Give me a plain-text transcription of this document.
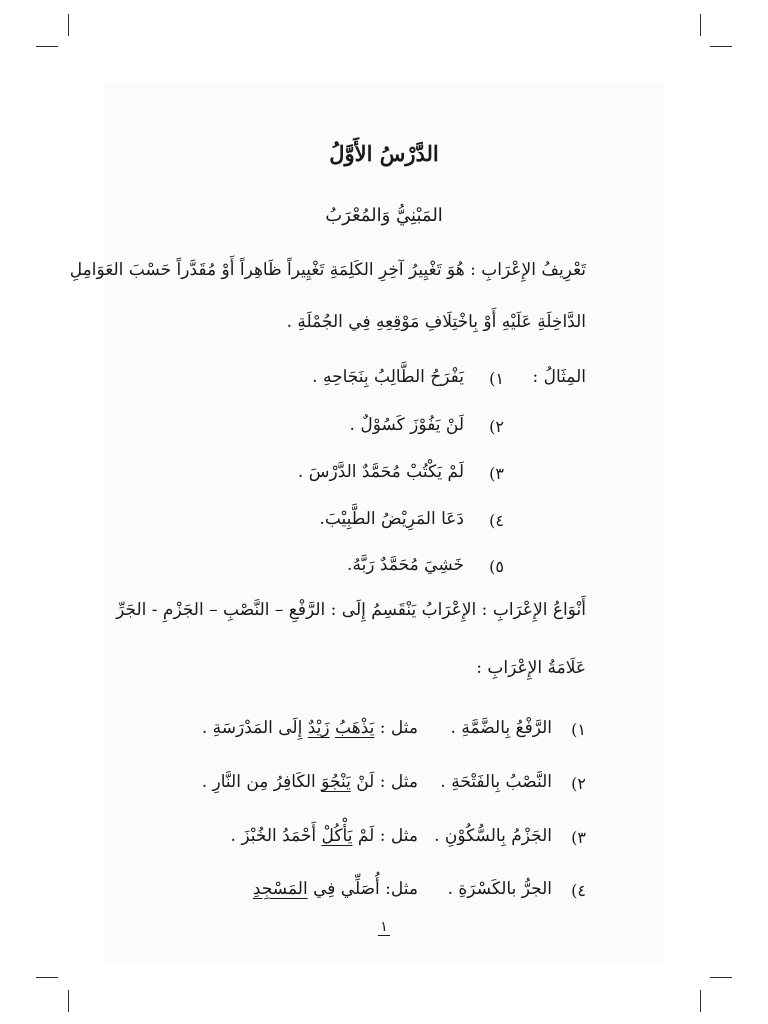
الدَّرْسُ الأَوَّلُ
المَبْنِيُّ وَالمُعْرَبُ
تَعْرِيفُ الإِعْرَابِ : هُوَ تَغْيِيرُ آخِرِ الكَلِمَةِ تَغْيِيراً ظَاهِراً أَوْ مُقَدَّراً حَسْبَ العَوَامِلِ
الدَّاخِلَةِ عَلَيْهِ أَوْ بِاخْتِلَافِ مَوْقِعِهِ فِي الجُمْلَةِ .
المِثَالُ :
١)
يَفْرَحُ الطَّالِبُ بِنَجَاحِهِ .
٢)
لَنْ يَفُوْزَ كَسُوْلٌ .
٣)
لَمْ يَكْتُبْ مُحَمَّدٌ الدَّرْسَ .
٤)
دَعَا المَرِيْضُ الطَّبِيْبَ.
٥)
خَشِيَ مُحَمَّدٌ رَبَّهُ.
أَنْوَاعُ الإِعْرَابِ : الإِعْرَابُ يَنْقَسِمُ إِلَى : الرَّفْعِ – النَّصْبِ – الجَزْمِ - الجَرِّ
عَلَامَةُ الإِعْرَابِ :
١)
الرَّفْعُ بِالضَّمَّةِ .
مثل : يَذْهَبُ زَيْدٌ إِلَى المَدْرَسَةِ .
٢)
النَّصْبُ بِالفَتْحَةِ .
مثل : لَنْ يَنْجُوَ الكَافِرُ مِن النَّارِ .
٣)
الجَزْمُ بِالسُّكُوْنِ .
مثل : لَمْ يَأْكُلْ أَحْمَدُ الخُبْزَ .
٤)
الجرُّ بالكَسْرَةِ .
مثل: أُصَلِّي فِي المَسْجِدِ
١
